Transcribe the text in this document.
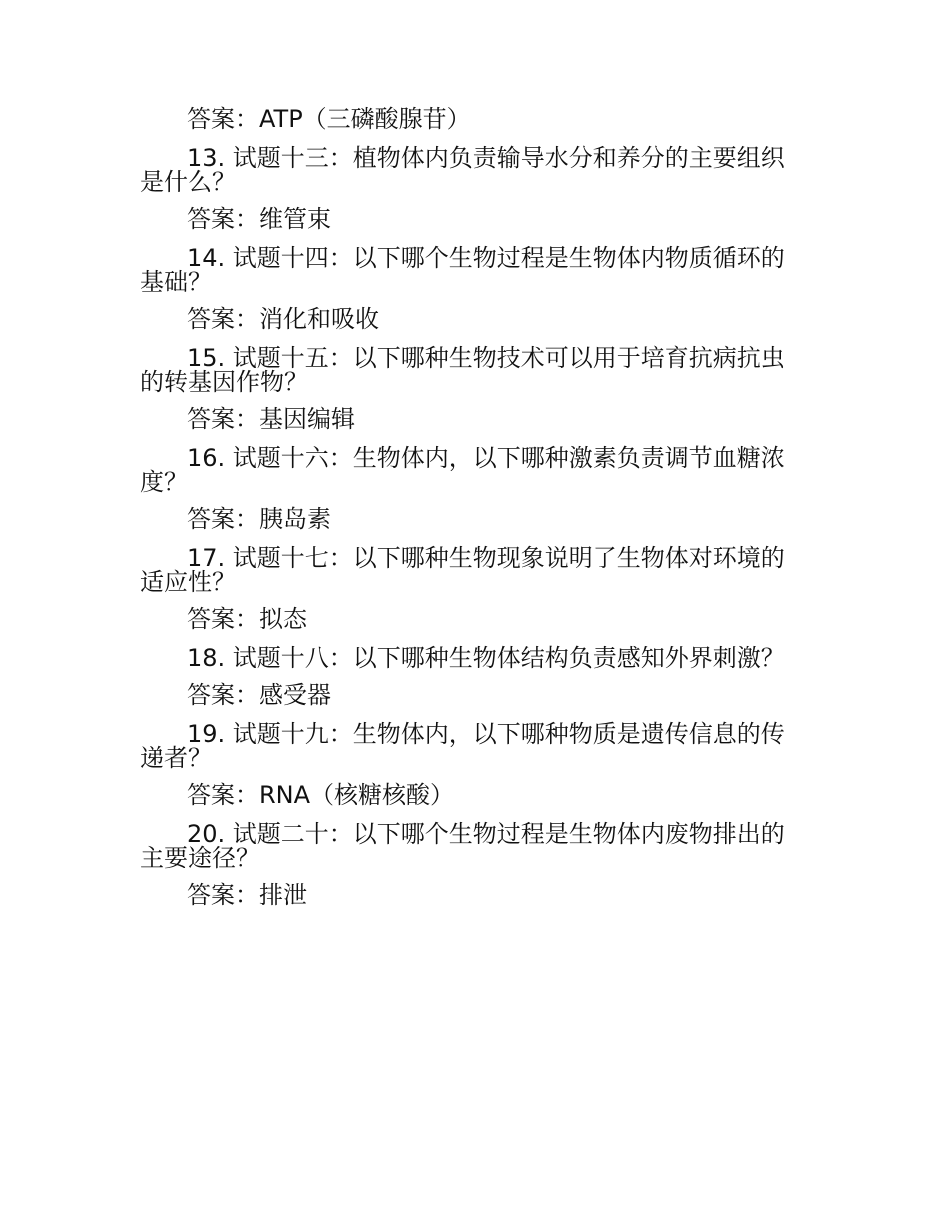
答案：ATP（三磷酸腺苷）

13. 试题十三：植物体内负责输导水分和养分的主要组织是什么？

答案：维管束

14. 试题十四：以下哪个生物过程是生物体内物质循环的基础？

答案：消化和吸收

15. 试题十五：以下哪种生物技术可以用于培育抗病抗虫的转基因作物？

答案：基因编辑

16. 试题十六：生物体内，以下哪种激素负责调节血糖浓度？

答案：胰岛素

17. 试题十七：以下哪种生物现象说明了生物体对环境的适应性？

答案：拟态

18. 试题十八：以下哪种生物体结构负责感知外界刺激？

答案：感受器

19. 试题十九：生物体内，以下哪种物质是遗传信息的传递者？

答案：RNA（核糖核酸）

20. 试题二十：以下哪个生物过程是生物体内废物排出的主要途径？

答案：排泄
